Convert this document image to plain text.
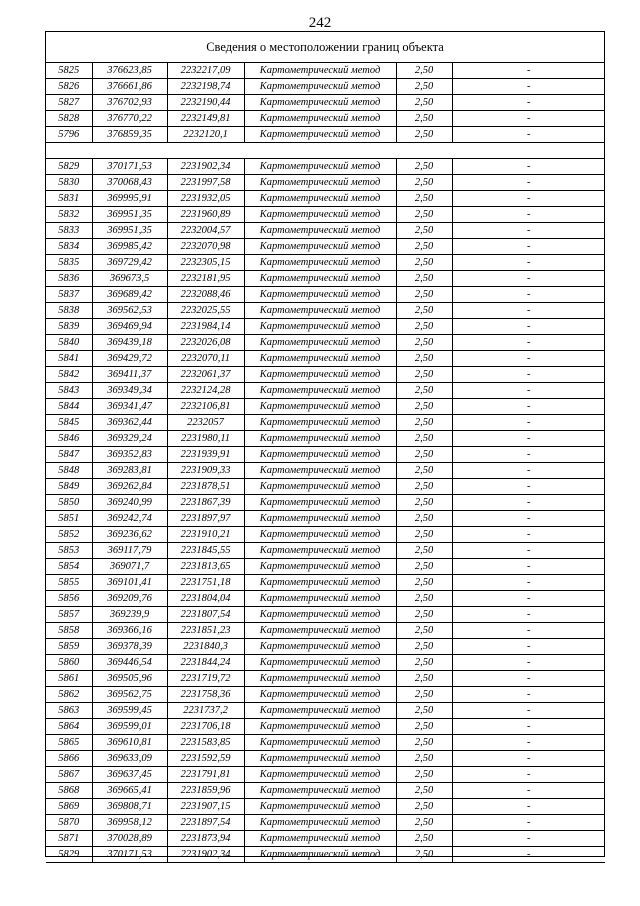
242
Сведения о местоположении границ объекта
5825	376623,85	2232217,09	Картометрический метод	2,50	-
5826	376661,86	2232198,74	Картометрический метод	2,50	-
5827	376702,93	2232190,44	Картометрический метод	2,50	-
5828	376770,22	2232149,81	Картометрический метод	2,50	-
5796	376859,35	2232120,1	Картометрический метод	2,50	-

5829	370171,53	2231902,34	Картометрический метод	2,50	-
5830	370068,43	2231997,58	Картометрический метод	2,50	-
5831	369995,91	2231932,05	Картометрический метод	2,50	-
5832	369951,35	2231960,89	Картометрический метод	2,50	-
5833	369951,35	2232004,57	Картометрический метод	2,50	-
5834	369985,42	2232070,98	Картометрический метод	2,50	-
5835	369729,42	2232305,15	Картометрический метод	2,50	-
5836	369673,5	2232181,95	Картометрический метод	2,50	-
5837	369689,42	2232088,46	Картометрический метод	2,50	-
5838	369562,53	2232025,55	Картометрический метод	2,50	-
5839	369469,94	2231984,14	Картометрический метод	2,50	-
5840	369439,18	2232026,08	Картометрический метод	2,50	-
5841	369429,72	2232070,11	Картометрический метод	2,50	-
5842	369411,37	2232061,37	Картометрический метод	2,50	-
5843	369349,34	2232124,28	Картометрический метод	2,50	-
5844	369341,47	2232106,81	Картометрический метод	2,50	-
5845	369362,44	2232057	Картометрический метод	2,50	-
5846	369329,24	2231980,11	Картометрический метод	2,50	-
5847	369352,83	2231939,91	Картометрический метод	2,50	-
5848	369283,81	2231909,33	Картометрический метод	2,50	-
5849	369262,84	2231878,51	Картометрический метод	2,50	-
5850	369240,99	2231867,39	Картометрический метод	2,50	-
5851	369242,74	2231897,97	Картометрический метод	2,50	-
5852	369236,62	2231910,21	Картометрический метод	2,50	-
5853	369117,79	2231845,55	Картометрический метод	2,50	-
5854	369071,7	2231813,65	Картометрический метод	2,50	-
5855	369101,41	2231751,18	Картометрический метод	2,50	-
5856	369209,76	2231804,04	Картометрический метод	2,50	-
5857	369239,9	2231807,54	Картометрический метод	2,50	-
5858	369366,16	2231851,23	Картометрический метод	2,50	-
5859	369378,39	2231840,3	Картометрический метод	2,50	-
5860	369446,54	2231844,24	Картометрический метод	2,50	-
5861	369505,96	2231719,72	Картометрический метод	2,50	-
5862	369562,75	2231758,36	Картометрический метод	2,50	-
5863	369599,45	2231737,2	Картометрический метод	2,50	-
5864	369599,01	2231706,18	Картометрический метод	2,50	-
5865	369610,81	2231583,85	Картометрический метод	2,50	-
5866	369633,09	2231592,59	Картометрический метод	2,50	-
5867	369637,45	2231791,81	Картометрический метод	2,50	-
5868	369665,41	2231859,96	Картометрический метод	2,50	-
5869	369808,71	2231907,15	Картометрический метод	2,50	-
5870	369958,12	2231897,54	Картометрический метод	2,50	-
5871	370028,89	2231873,94	Картометрический метод	2,50	-
5829	370171,53	2231902,34	Картометрический метод	2,50	-
